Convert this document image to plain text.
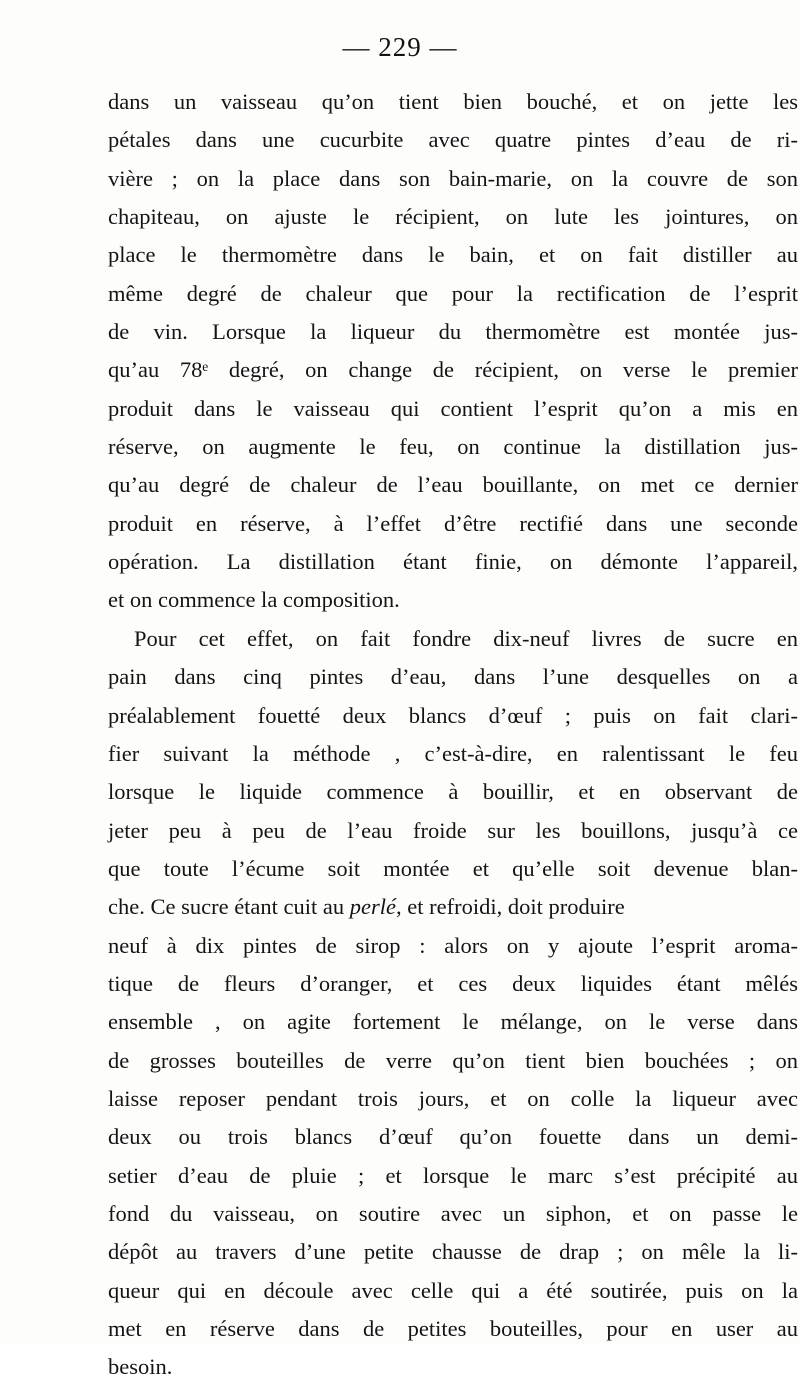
— 229 —
dans un vaisseau qu’on tient bien bouché, et on jette les
pétales dans une cucurbite avec quatre pintes d’eau de ri-
vière ; on la place dans son bain-marie, on la couvre de son
chapiteau, on ajuste le récipient, on lute les jointures, on
place le thermomètre dans le bain, et on fait distiller au
même degré de chaleur que pour la rectification de l’esprit
de vin. Lorsque la liqueur du thermomètre est montée jus-
qu’au 78ᵉ degré, on change de récipient, on verse le premier
produit dans le vaisseau qui contient l’esprit qu’on a mis en
réserve, on augmente le feu, on continue la distillation jus-
qu’au degré de chaleur de l’eau bouillante, on met ce dernier
produit en réserve, à l’effet d’être rectifié dans une seconde
opération. La distillation étant finie, on démonte l’appareil,
et on commence la composition.
Pour cet effet, on fait fondre dix-neuf livres de sucre en
pain dans cinq pintes d’eau, dans l’une desquelles on a
préalablement fouetté deux blancs d’œuf ; puis on fait clari-
fier suivant la méthode , c’est-à-dire, en ralentissant le feu
lorsque le liquide commence à bouillir, et en observant de
jeter peu à peu de l’eau froide sur les bouillons, jusqu’à ce
que toute l’écume soit montée et qu’elle soit devenue blan-
che. Ce sucre étant cuit au perlé, et refroidi, doit produire
neuf à dix pintes de sirop : alors on y ajoute l’esprit aroma-
tique de fleurs d’oranger, et ces deux liquides étant mêlés
ensemble , on agite fortement le mélange, on le verse dans
de grosses bouteilles de verre qu’on tient bien bouchées ; on
laisse reposer pendant trois jours, et on colle la liqueur avec
deux ou trois blancs d’œuf qu’on fouette dans un demi-
setier d’eau de pluie ; et lorsque le marc s’est précipité au
fond du vaisseau, on soutire avec un siphon, et on passe le
dépôt au travers d’une petite chausse de drap ; on mêle la li-
queur qui en découle avec celle qui a été soutirée, puis on la
met en réserve dans de petites bouteilles, pour en user au
besoin.
